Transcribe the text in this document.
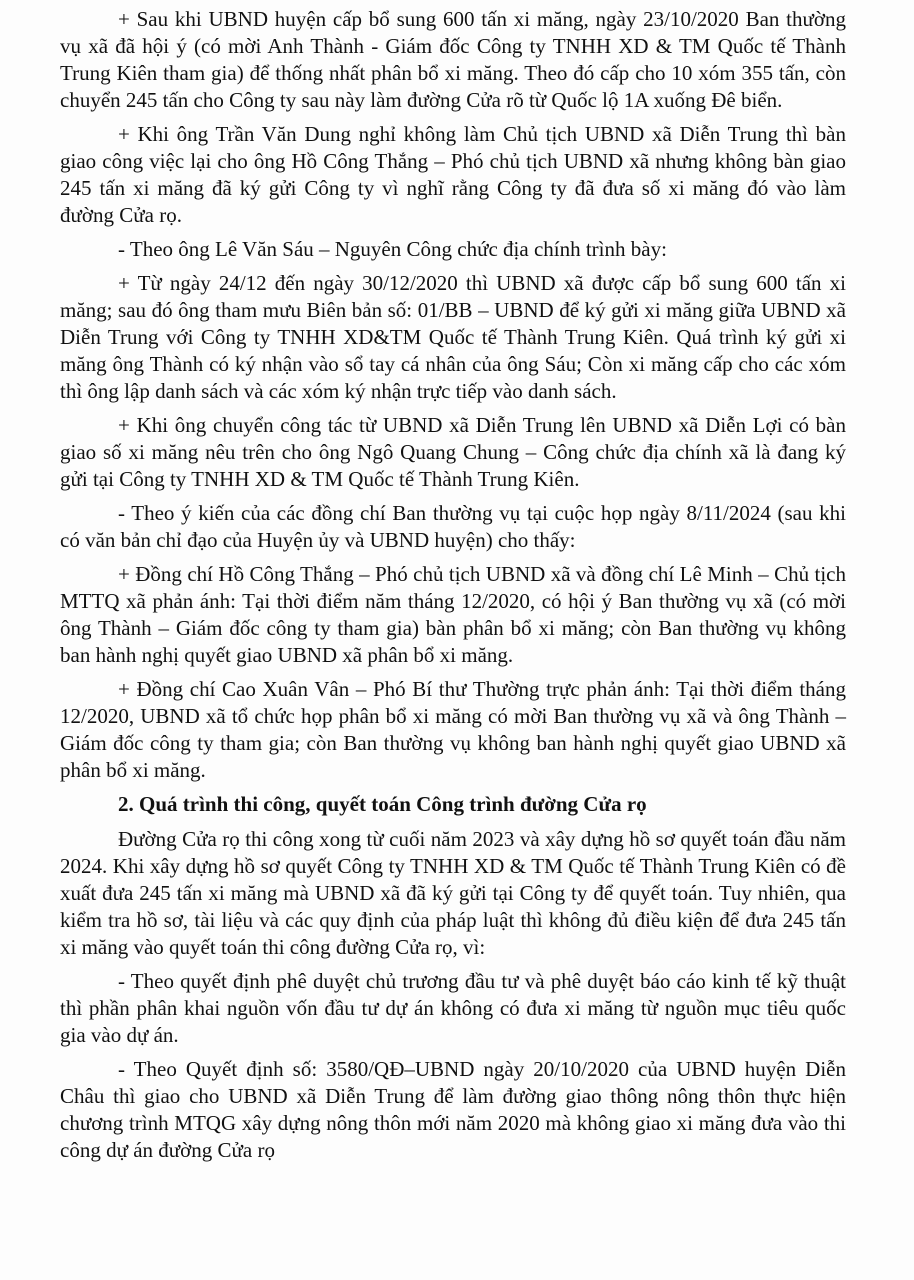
+ Sau khi UBND huyện cấp bổ sung 600 tấn xi măng, ngày 23/10/2020 Ban thường vụ xã đã hội ý (có mời Anh Thành - Giám đốc Công ty TNHH XD & TM Quốc tế Thành Trung Kiên tham gia) để thống nhất phân bổ xi măng. Theo đó cấp cho 10 xóm 355 tấn, còn chuyển 245 tấn cho Công ty sau này làm đường Cửa rõ từ Quốc lộ 1A xuống Đê biển.

+ Khi ông Trần Văn Dung nghỉ không làm Chủ tịch UBND xã Diễn Trung thì bàn giao công việc lại cho ông Hồ Công Thắng – Phó chủ tịch UBND xã nhưng không bàn giao 245 tấn xi măng đã ký gửi Công ty vì nghĩ rằng Công ty đã đưa số xi măng đó vào làm đường Cửa rọ.

- Theo ông Lê Văn Sáu – Nguyên Công chức địa chính trình bày:

+ Từ ngày 24/12 đến ngày 30/12/2020 thì UBND xã được cấp bổ sung 600 tấn xi măng; sau đó ông tham mưu Biên bản số: 01/BB – UBND để ký gửi xi măng giữa UBND xã Diễn Trung với Công ty TNHH XD&TM Quốc tế Thành Trung Kiên. Quá trình ký gửi xi măng ông Thành có ký nhận vào sổ tay cá nhân của ông Sáu; Còn xi măng cấp cho các xóm thì ông lập danh sách và các xóm ký nhận trực tiếp vào danh sách.

+ Khi ông chuyển công tác từ UBND xã Diễn Trung lên UBND xã Diễn Lợi có bàn giao số xi măng nêu trên cho ông Ngô Quang Chung – Công chức địa chính xã là đang ký gửi tại Công ty TNHH XD & TM Quốc tế Thành Trung Kiên.

- Theo ý kiến của các đồng chí Ban thường vụ tại cuộc họp ngày 8/11/2024 (sau khi có văn bản chỉ đạo của Huyện ủy và UBND huyện) cho thấy:

+ Đồng chí Hồ Công Thắng – Phó chủ tịch UBND xã và đồng chí Lê Minh – Chủ tịch MTTQ xã phản ánh: Tại thời điểm năm tháng 12/2020, có hội ý Ban thường vụ xã (có mời ông Thành – Giám đốc công ty tham gia) bàn phân bổ xi măng; còn Ban thường vụ không ban hành nghị quyết giao UBND xã phân bổ xi măng.

+ Đồng chí Cao Xuân Vân – Phó Bí thư Thường trực phản ánh: Tại thời điểm tháng 12/2020, UBND xã tổ chức họp phân bổ xi măng có mời Ban thường vụ xã và ông Thành – Giám đốc công ty tham gia; còn Ban thường vụ không ban hành nghị quyết giao UBND xã phân bổ xi măng.

2. Quá trình thi công, quyết toán Công trình đường Cửa rọ

Đường Cửa rọ thi công xong từ cuối năm 2023 và xây dựng hồ sơ quyết toán đầu năm 2024. Khi xây dựng hồ sơ quyết Công ty TNHH XD & TM Quốc tế Thành Trung Kiên có đề xuất đưa 245 tấn xi măng mà UBND xã đã ký gửi tại Công ty để quyết toán. Tuy nhiên, qua kiểm tra hồ sơ, tài liệu và các quy định của pháp luật thì không đủ điều kiện để đưa 245 tấn xi măng vào quyết toán thi công đường Cửa rọ, vì:

- Theo quyết định phê duyệt chủ trương đầu tư và phê duyệt báo cáo kinh tế kỹ thuật thì phần phân khai nguồn vốn đầu tư dự án không có đưa xi măng từ nguồn mục tiêu quốc gia vào dự án.

- Theo Quyết định số: 3580/QĐ–UBND ngày 20/10/2020 của UBND huyện Diễn Châu thì giao cho UBND xã Diễn Trung để làm đường giao thông nông thôn thực hiện chương trình MTQG xây dựng nông thôn mới năm 2020 mà không giao xi măng đưa vào thi công dự án đường Cửa rọ
